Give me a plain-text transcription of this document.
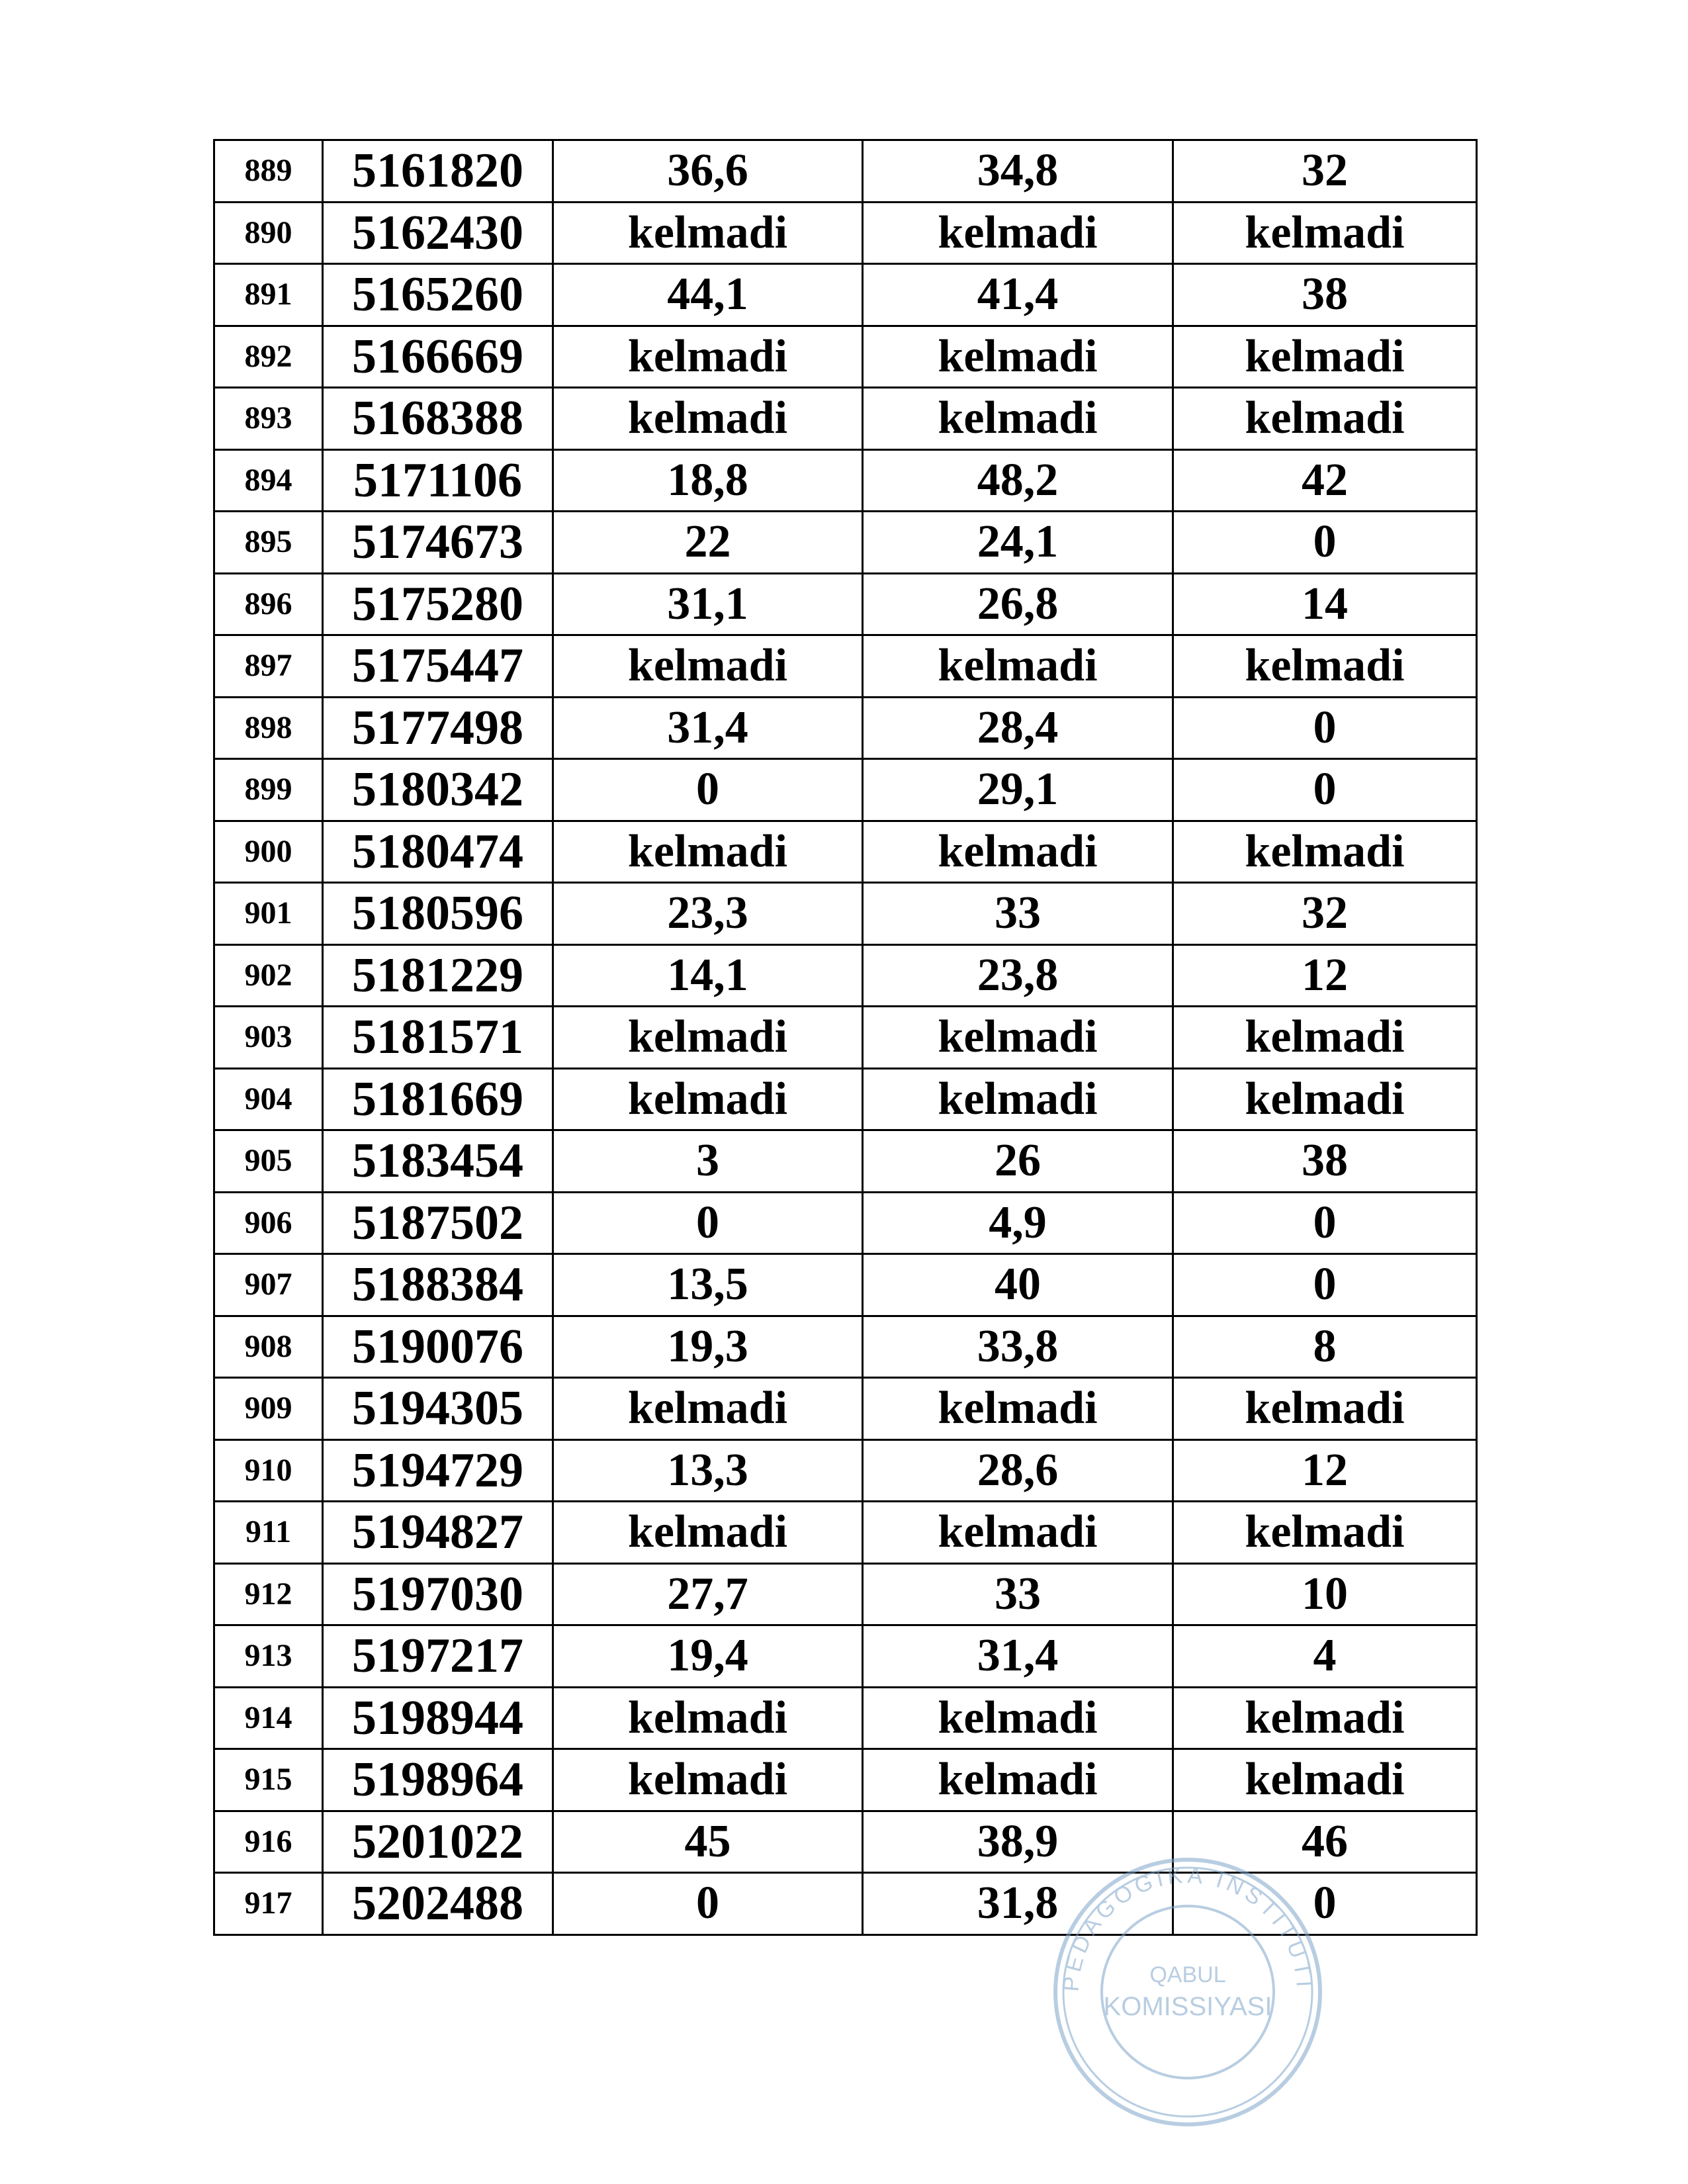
889	5161820	36,6	34,8	32
890	5162430	kelmadi	kelmadi	kelmadi
891	5165260	44,1	41,4	38
892	5166669	kelmadi	kelmadi	kelmadi
893	5168388	kelmadi	kelmadi	kelmadi
894	5171106	18,8	48,2	42
895	5174673	22	24,1	0
896	5175280	31,1	26,8	14
897	5175447	kelmadi	kelmadi	kelmadi
898	5177498	31,4	28,4	0
899	5180342	0	29,1	0
900	5180474	kelmadi	kelmadi	kelmadi
901	5180596	23,3	33	32
902	5181229	14,1	23,8	12
903	5181571	kelmadi	kelmadi	kelmadi
904	5181669	kelmadi	kelmadi	kelmadi
905	5183454	3	26	38
906	5187502	0	4,9	0
907	5188384	13,5	40	0
908	5190076	19,3	33,8	8
909	5194305	kelmadi	kelmadi	kelmadi
910	5194729	13,3	28,6	12
911	5194827	kelmadi	kelmadi	kelmadi
912	5197030	27,7	33	10
913	5197217	19,4	31,4	4
914	5198944	kelmadi	kelmadi	kelmadi
915	5198964	kelmadi	kelmadi	kelmadi
916	5201022	45	38,9	46
917	5202488	0	31,8	0
PEDAGOGIKA INSTITUTI
QABUL
KOMISSIYASI
